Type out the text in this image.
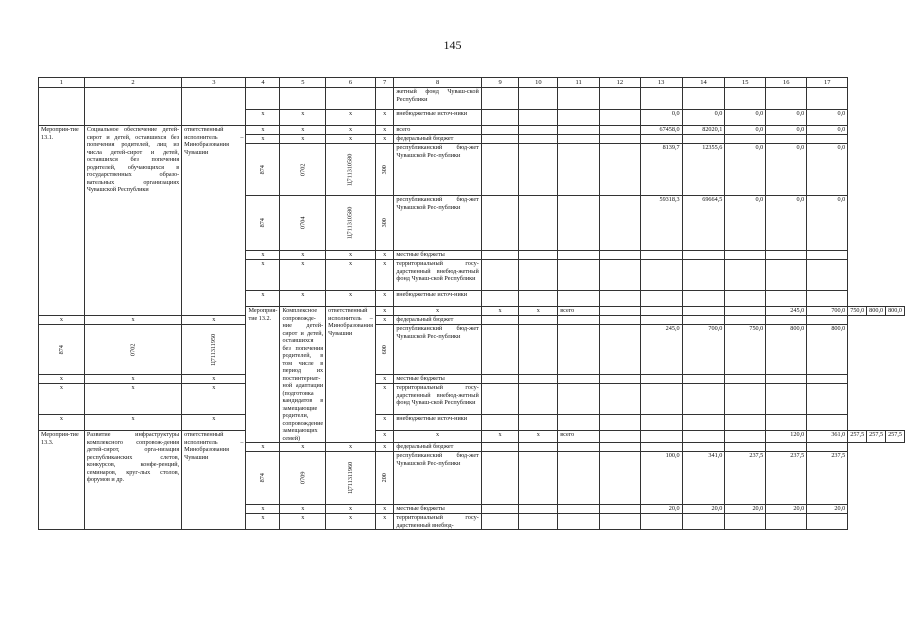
145
1	2	3	4	5	6	7	8	9	10	11	12	13	14	15	16	17			
							жетный фонд Чуваш-ской Республики												
			x	x	x	x	внебюджетные источ-ники					0,0	0,0	0,0	0,0	0,0			
Мероприя-тие 13.1.	Социальное обеспечение детей-сирот и детей, оставшихся без попечения родителей, лиц из числа детей-сирот и детей, оставшихся без попечения родителей, обучающихся в государственных образо-вательных организациях Чувашской Республики	ответственный исполнитель – Минобразования Чувашии	x	x	x	x	всего					67458,0	82020,1	0,0	0,0	0,0			
			x	x	x	x	федеральный бюджет												
			874	0702	Ц711310580	300	республиканский бюд-жет Чувашской Рес-публики					8139,7	12355,6	0,0	0,0	0,0			
			874	0704	Ц711310580	300	республиканский бюд-жет Чувашской Рес-публики					59318,3	69664,5	0,0	0,0	0,0			
			x	x	x	x	местные бюджеты												
			x	x	x	x	территориальный госу-дарственный внебюд-жетный фонд Чуваш-ской Республики												
			x	x	x	x	внебюджетные источ-ники												
			Мероприя-тие 13.2.	Комплексное сопровожде-ние детей-сирот и детей, оставшихся без попечения родителей, в том числе в период их постинтернат-ной адаптации (подготовка кандидатов в замещающие родители, сопровождение замещающих семей)	ответственный исполнитель – Минобразования Чувашии	x	x	x	x	всего					245,0	700,0	750,0	800,0	800,0
x	x	x				x	федеральный бюджет												
874	0702	Ц711311950				600	республиканский бюд-жет Чувашской Рес-публики					245,0	700,0	750,0	800,0	800,0			
x	x	x				x	местные бюджеты												
x	x	x				x	территориальный госу-дарственный внебюд-жетный фонд Чуваш-ской Республики												
x	x	x				x	внебюджетные источ-ники												
Мероприя-тие 13.3.	Развитие инфраструктуры комплексного сопровож-дения детей-сирот, орга-низация республиканских слетов, конкурсов, конфе-ренций, семинаров, круг-лых столов, форумов и др.	ответственный исполнитель – Минобразования Чувашии				x	x	x	x	всего					120,0	361,0	257,5	257,5	257,5
			x	x	x	x	федеральный бюджет												
			874	0709	Ц711311960	200	республиканский бюд-жет Чувашской Рес-публики					100,0	341,0	237,5	237,5	237,5			
			x	x	x	x	местные бюджеты					20,0	20,0	20,0	20,0	20,0			
			x	x	x	x	территориальный госу-дарственный внебюд-												
